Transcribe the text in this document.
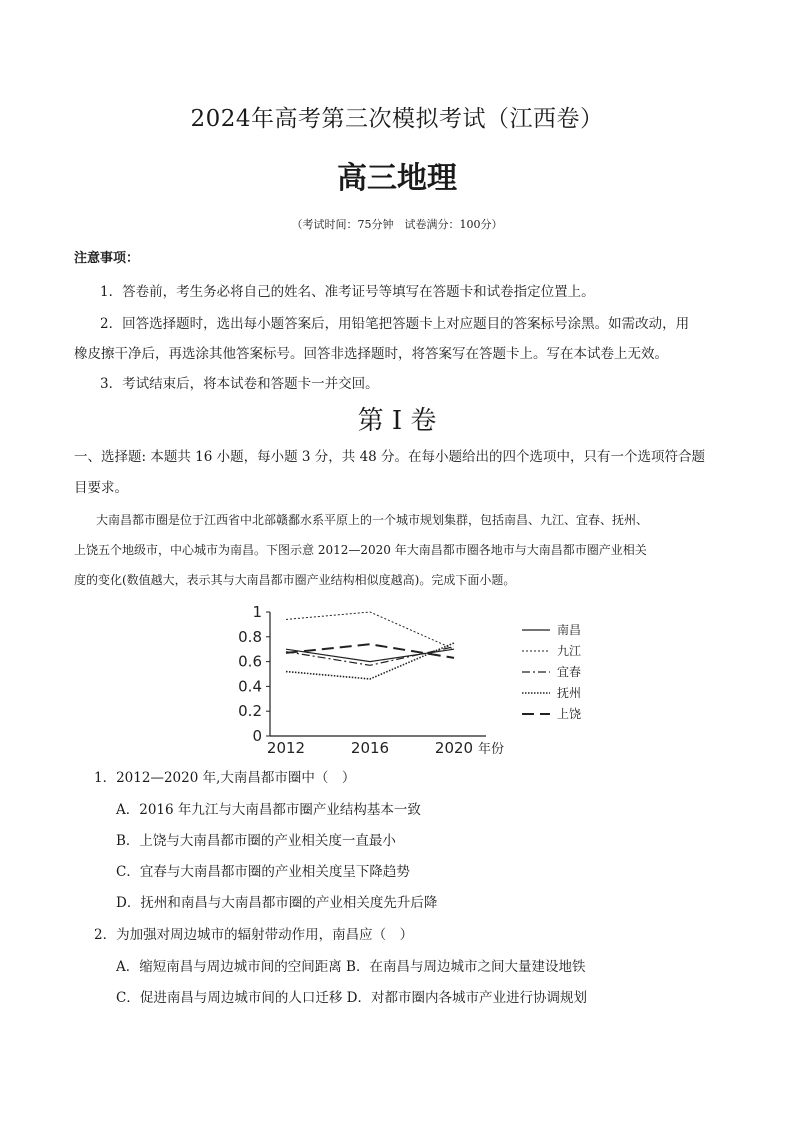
2024年高考第三次模拟考试（江西卷）
高三地理
（考试时间：75分钟　试卷满分：100分）
注意事项：
1．答卷前，考生务必将自己的姓名、准考证号等填写在答题卡和试卷指定位置上。
2．回答选择题时，选出每小题答案后，用铅笔把答题卡上对应题目的答案标号涂黑。如需改动，用
橡皮擦干净后，再选涂其他答案标号。回答非选择题时，将答案写在答题卡上。写在本试卷上无效。
3．考试结束后，将本试卷和答题卡一并交回。
第 I 卷
一、选择题: 本题共 16 小题，每小题 3 分，共 48 分。在每小题给出的四个选项中，只有一个选项符合题
目要求。
大南昌都市圈是位于江西省中北部赣鄱水系平原上的一个城市规划集群，包括南昌、九江、宜春、抚州、
上饶五个地级市，中心城市为南昌。下图示意 2012—2020 年大南昌都市圈各地市与大南昌都市圈产业相关
度的变化(数值越大，表示其与大南昌都市圈产业结构相似度越高)。完成下面小题。
0
0.2
0.4
0.6
0.8
1
2012	2016	2020 年份
南昌
九江
宜春
抚州
上饶
1．2012—2020 年,大南昌都市圈中（　）
A．2016 年九江与大南昌都市圈产业结构基本一致
B．上饶与大南昌都市圈的产业相关度一直最小
C．宜春与大南昌都市圈的产业相关度呈下降趋势
D．抚州和南昌与大南昌都市圈的产业相关度先升后降
2．为加强对周边城市的辐射带动作用，南昌应（　）
A．缩短南昌与周边城市间的空间距离 B．在南昌与周边城市之间大量建设地铁
C．促进南昌与周边城市间的人口迁移 D．对都市圈内各城市产业进行协调规划
